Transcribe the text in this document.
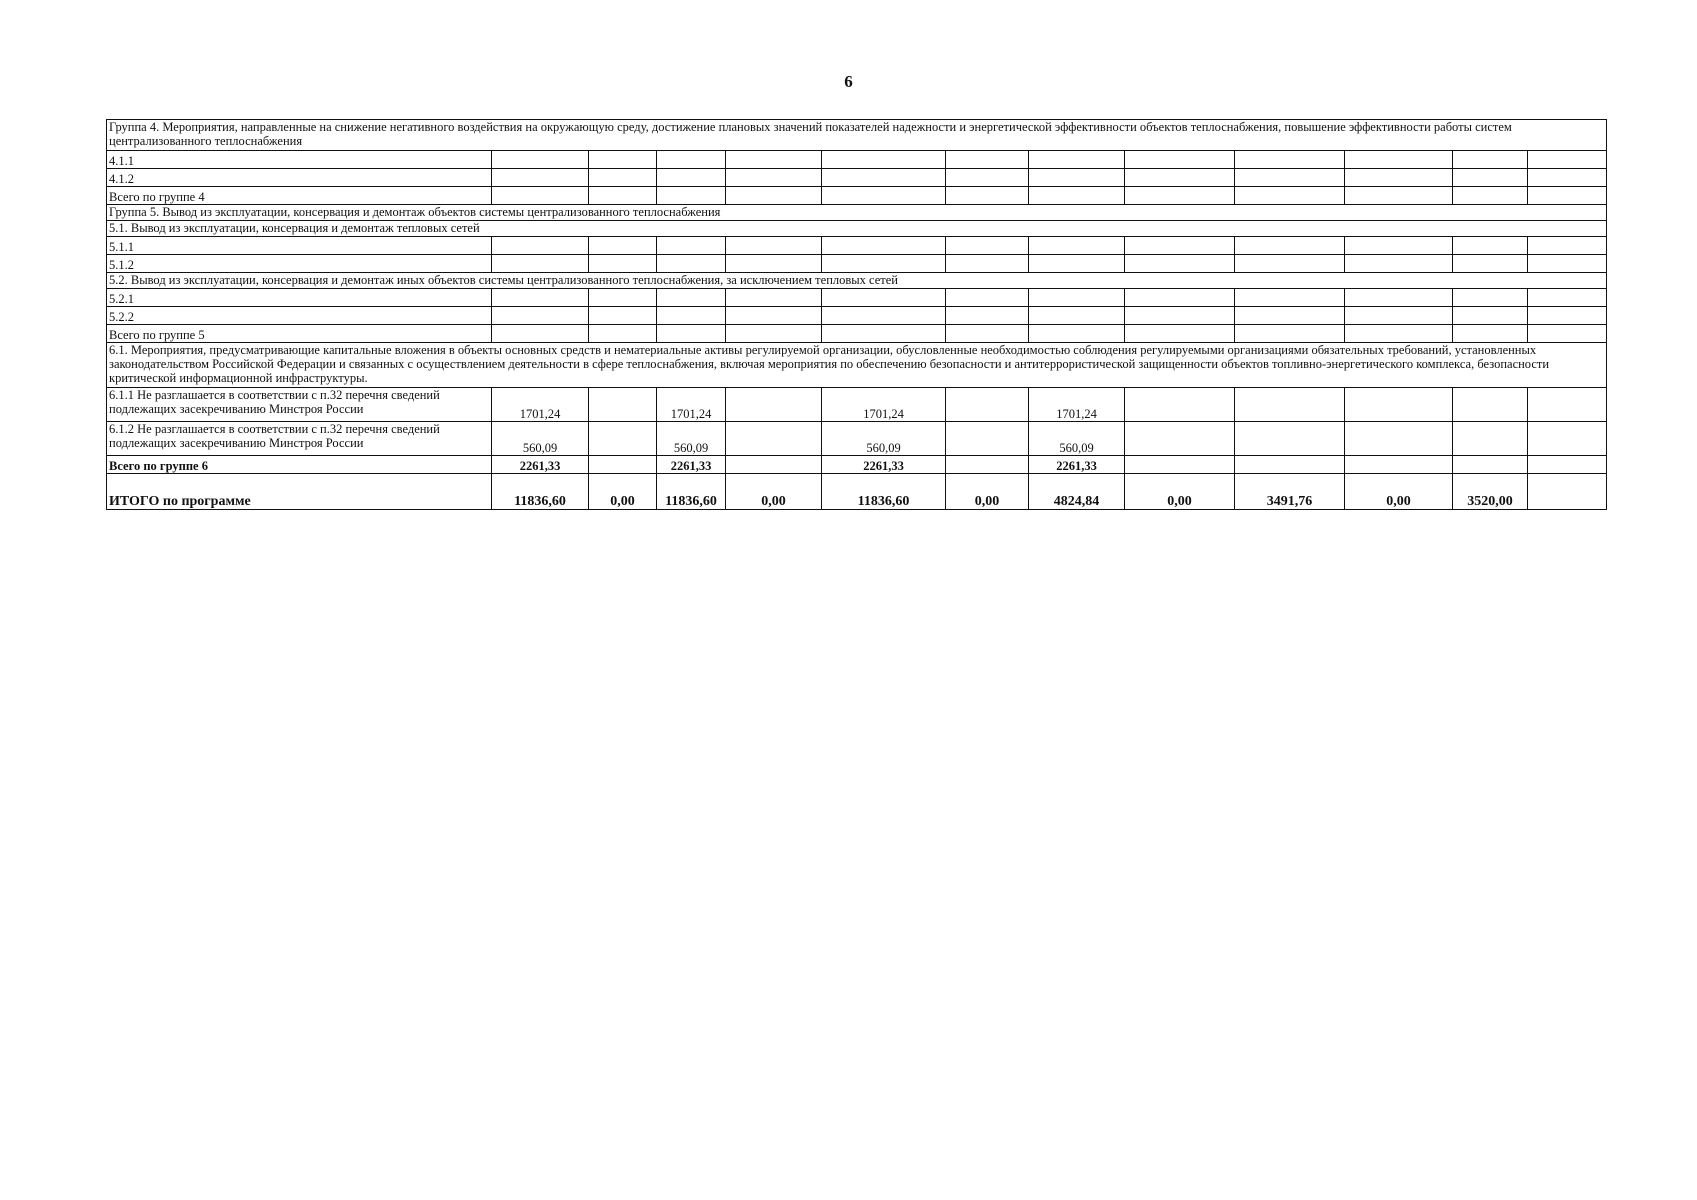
6
Группа 4. Мероприятия, направленные на снижение негативного воздействия на окружающую среду, достижение плановых значений показателей надежности и энергетической эффективности объектов теплоснабжения, повышение эффективности работы систем централизованного теплоснабжения												
4.1.1												
4.1.2												
Всего по группе 4												
Группа 5. Вывод из эксплуатации, консервация и демонтаж объектов системы централизованного теплоснабжения												
5.1. Вывод из эксплуатации, консервация и демонтаж тепловых сетей												
5.1.1												
5.1.2												
5.2. Вывод из эксплуатации, консервация и демонтаж иных объектов системы централизованного теплоснабжения, за исключением тепловых сетей												
5.2.1												
5.2.2												
Всего по группе 5												
6.1. Мероприятия, предусматривающие капитальные вложения в объекты основных средств и нематериальные активы регулируемой организации, обусловленные необходимостью соблюдения регулируемыми организациями обязательных требований, установленных законодательством Российской Федерации и связанных с осуществлением деятельности в сфере теплоснабжения, включая мероприятия по обеспечению безопасности и антитеррористической защищенности объектов топливно-энергетического комплекса, безопасности критической информационной инфраструктуры.												
6.1.1 Не разглашается в соответствии с п.32 перечня сведений подлежащих засекречиванию Минстроя России	1701,24		1701,24		1701,24		1701,24					
6.1.2 Не разглашается в соответствии с п.32 перечня сведений подлежащих засекречиванию Минстроя России	560,09		560,09		560,09		560,09					
Всего по группе 6	2261,33		2261,33		2261,33		2261,33					
ИТОГО по программе	11836,60	0,00	11836,60	0,00	11836,60	0,00	4824,84	0,00	3491,76	0,00	3520,00	
